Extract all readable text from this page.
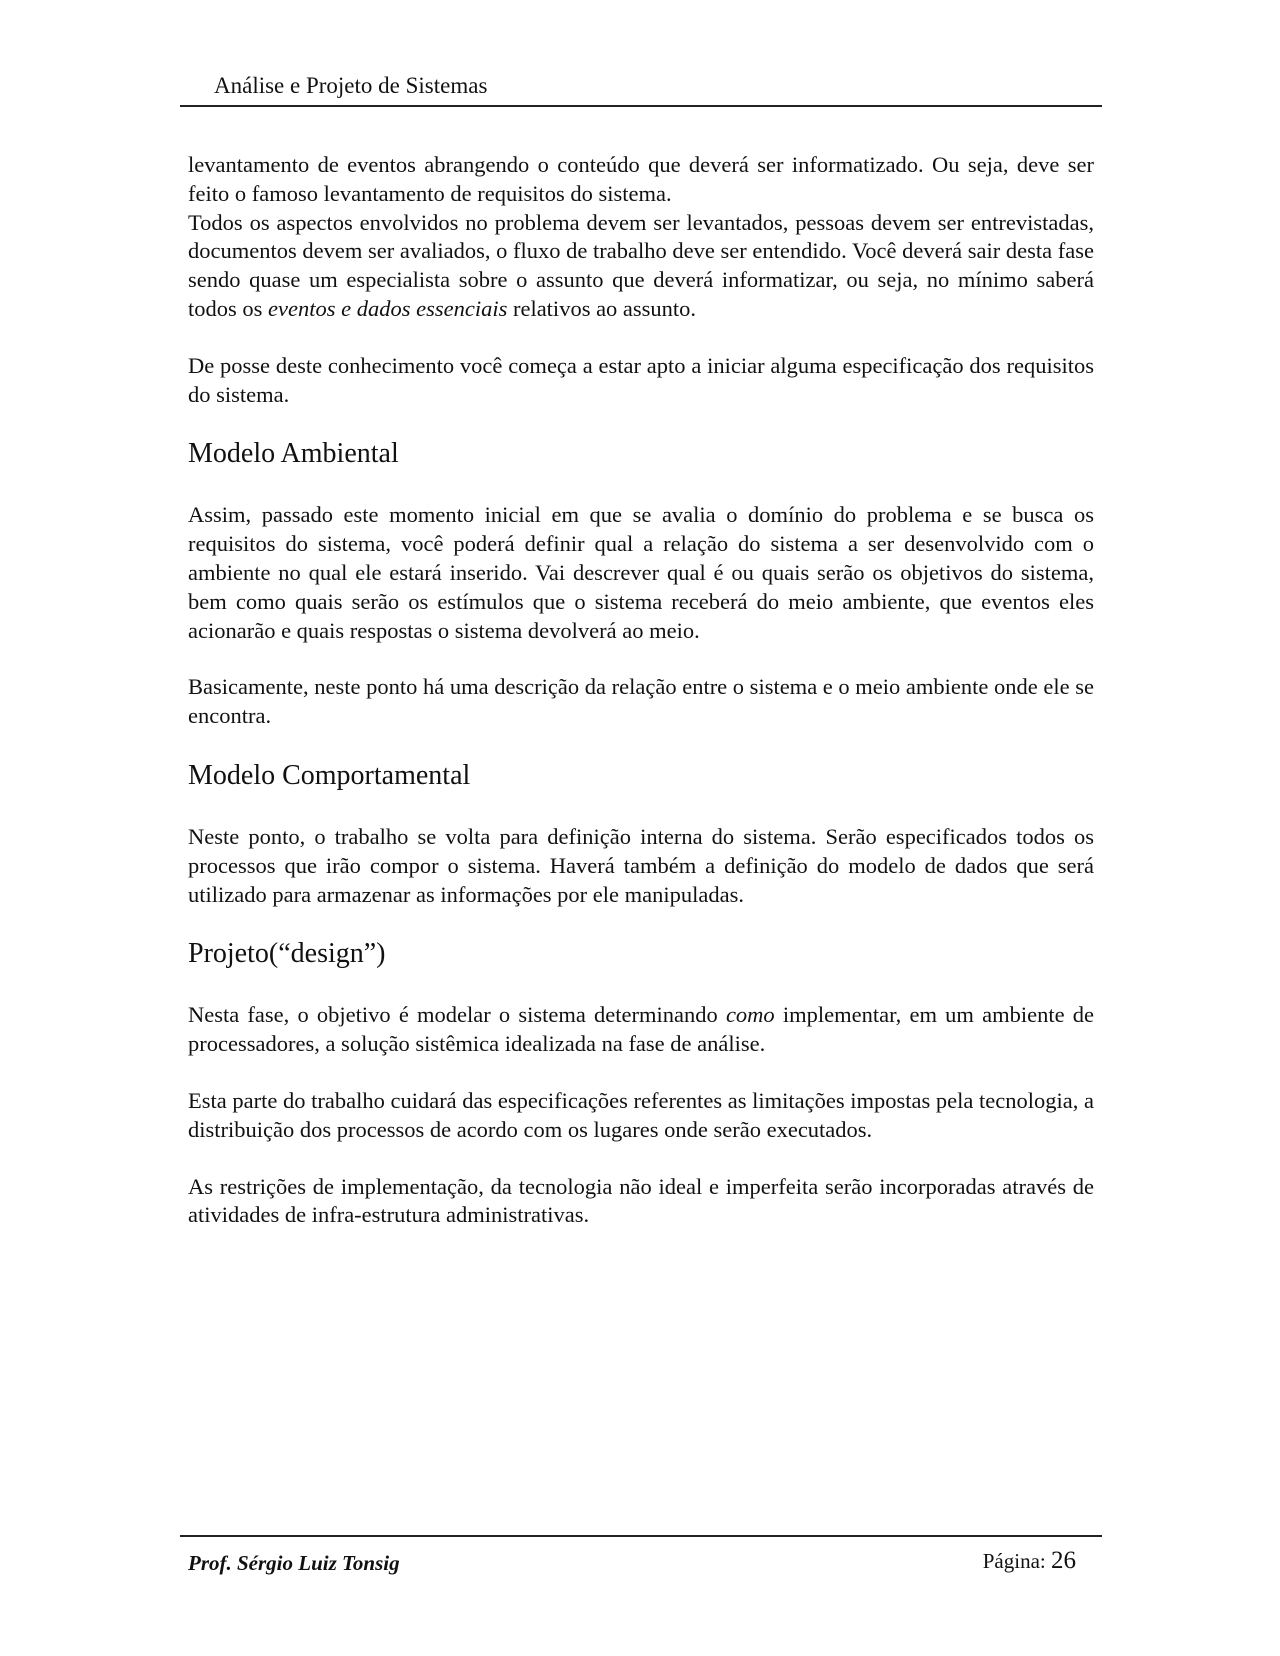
Análise e Projeto de Sistemas

levantamento de eventos abrangendo o conteúdo que deverá ser informatizado. Ou seja, deve ser feito o famoso levantamento de requisitos do sistema.

Todos os aspectos envolvidos no problema devem ser levantados, pessoas devem ser entrevistadas, documentos devem ser avaliados, o fluxo de trabalho deve ser entendido. Você deverá sair desta fase sendo quase um especialista sobre o assunto que deverá informatizar, ou seja, no mínimo saberá todos os eventos e dados essenciais relativos ao assunto.

De posse deste conhecimento você começa a estar apto a iniciar alguma especificação dos requisitos do sistema.

Modelo Ambiental

Assim, passado este momento inicial em que se avalia o domínio do problema e se busca os requisitos do sistema, você poderá definir qual a relação do sistema a ser desenvolvido com o ambiente no qual ele estará inserido. Vai descrever qual é ou quais serão os objetivos do sistema, bem como quais serão os estímulos que o sistema receberá do meio ambiente, que eventos eles acionarão e quais respostas o sistema devolverá ao meio.

Basicamente, neste ponto há uma descrição da relação entre o sistema e o meio ambiente onde ele se encontra.

Modelo Comportamental

Neste ponto, o trabalho se volta para definição interna do sistema. Serão especificados todos os processos que irão compor o sistema. Haverá também a definição do modelo de dados que será utilizado para armazenar as informações por ele manipuladas.

Projeto(“design”)

Nesta fase, o objetivo é modelar o sistema determinando como implementar, em um ambiente de processadores, a solução sistêmica idealizada na fase de análise.

Esta parte do trabalho cuidará das especificações referentes as limitações impostas pela tecnologia, a distribuição dos processos de acordo com os lugares onde serão executados.

As restrições de implementação, da tecnologia não ideal e imperfeita serão incorporadas através de atividades de infra-estrutura administrativas.

Prof. Sérgio Luiz Tonsig	Página: 26
